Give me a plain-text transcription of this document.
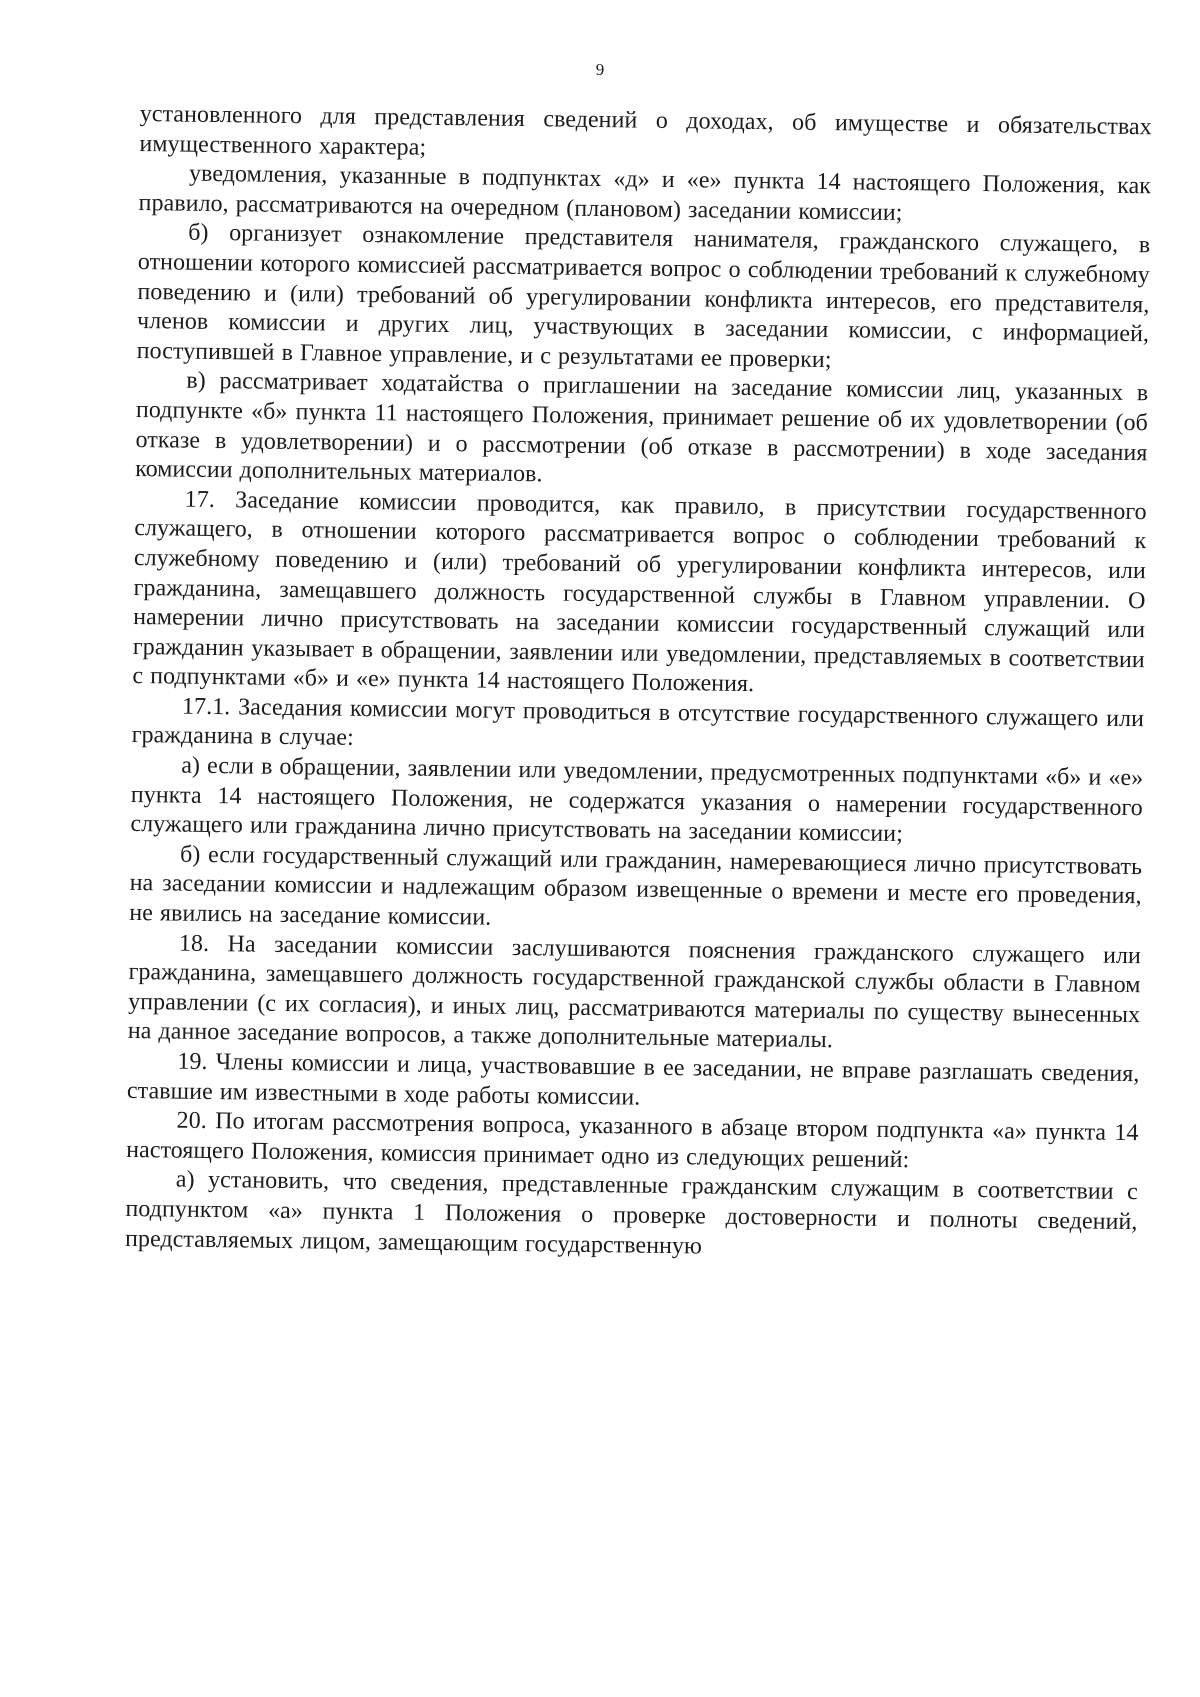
9

установленного для представления сведений о доходах, об имуществе и обязательствах имущественного характера;

уведомления, указанные в подпунктах «д» и «е» пункта 14 настоящего Положения, как правило, рассматриваются на очередном (плановом) заседании комиссии;

б) организует ознакомление представителя нанимателя, гражданского служащего, в отношении которого комиссией рассматривается вопрос о соблюдении требований к служебному поведению и (или) требований об урегулировании конфликта интересов, его представителя, членов комиссии и других лиц, участвующих в заседании комиссии, с информацией, поступившей в Главное управление, и с результатами ее проверки;

в) рассматривает ходатайства о приглашении на заседание комиссии лиц, указанных в подпункте «б» пункта 11 настоящего Положения, принимает решение об их удовлетворении (об отказе в удовлетворении) и о рассмотрении (об отказе в рассмотрении) в ходе заседания комиссии дополнительных материалов.

17. Заседание комиссии проводится, как правило, в присутствии государственного служащего, в отношении которого рассматривается вопрос о соблюдении требований к служебному поведению и (или) требований об урегулировании конфликта интересов, или гражданина, замещавшего должность государственной службы в Главном управлении. О намерении лично присутствовать на заседании комиссии государственный служащий или гражданин указывает в обращении, заявлении или уведомлении, представляемых в соответствии с подпунктами «б» и «е» пункта 14 настоящего Положения.

17.1. Заседания комиссии могут проводиться в отсутствие государственного служащего или гражданина в случае:

а) если в обращении, заявлении или уведомлении, предусмотренных подпунктами «б» и «е» пункта 14 настоящего Положения, не содержатся указания о намерении государственного служащего или гражданина лично присутствовать на заседании комиссии;

б) если государственный служащий или гражданин, намеревающиеся лично присутствовать на заседании комиссии и надлежащим образом извещенные о времени и месте его проведения, не явились на заседание комиссии.

18. На заседании комиссии заслушиваются пояснения гражданского служащего или гражданина, замещавшего должность государственной гражданской службы области в Главном управлении (с их согласия), и иных лиц, рассматриваются материалы по существу вынесенных на данное заседание вопросов, а также дополнительные материалы.

19. Члены комиссии и лица, участвовавшие в ее заседании, не вправе разглашать сведения, ставшие им известными в ходе работы комиссии.

20. По итогам рассмотрения вопроса, указанного в абзаце втором подпункта «а» пункта 14 настоящего Положения, комиссия принимает одно из следующих решений:

а) установить, что сведения, представленные гражданским служащим в соответствии с подпунктом «а» пункта 1 Положения о проверке достоверности и полноты сведений, представляемых лицом, замещающим государственную
